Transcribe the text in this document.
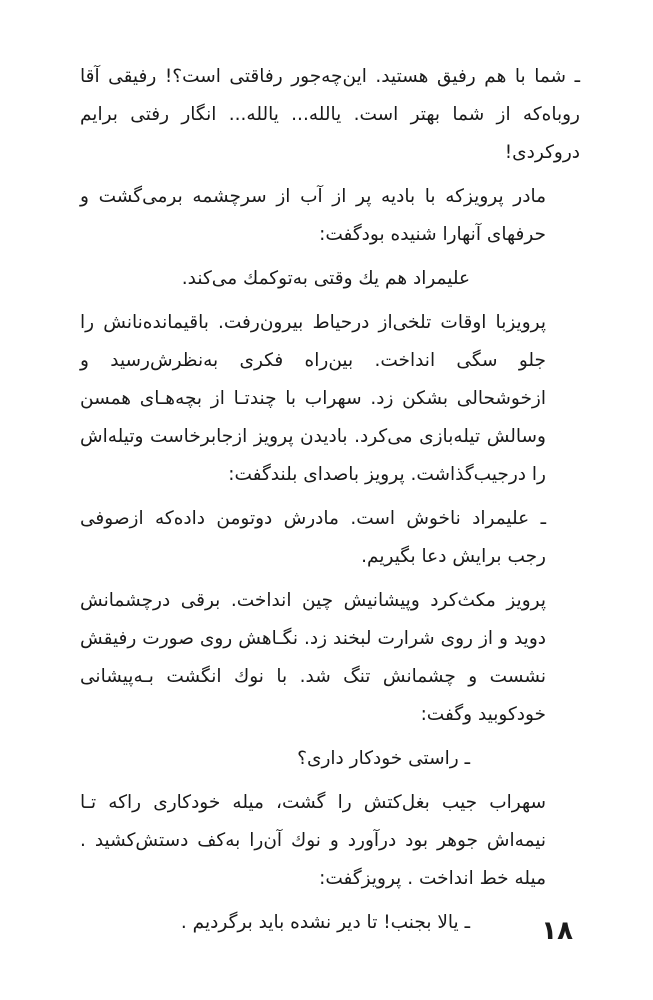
ـ شما با هم رفیق هستید. این‌چه‌جور رفاقتی است؟! رفیقی آقا روباه‌که از شما بهتر است. یالله... یالله... انگار رفتی برایم دروکردی!

مادر پرویزکه با بادیه پر از آب از سرچشمه برمی‌گشت و حرفهای آنهارا شنیده بودگفت:

علیمراد هم یك وقتی به‌توكمك می‌كند.

پرویزبا اوقات تلخی‌از درحیاط بیرون‌رفت. باقیمانده‌نانش را جلو سگی انداخت. بین‌راه فکری به‌نظرش‌رسید و ازخوشحالی بشکن زد. سهراب با چندتـا از بچه‌هـای همسن وسالش تیله‌بازی می‌کرد. بادیدن پرویز ازجابرخاست وتیله‌اش را درجیب‌گذاشت. پرویز باصدای بلندگفت:

ـ علیمراد ناخوش است. مادرش دوتومن داده‌که ازصوفی رجب برایش دعا بگیریم.

پرویز مکث‌کرد وپیشانیش چین انداخت. برقی درچشمانش دوید و از روی شرارت لبخند زد. نگـاهش روی صورت رفیقش نشست و چشمانش تنگ شد. با نوك انگشت بـه‌پیشانی خودکوبید وگفت:

ـ راستی خودکار داری؟

سهراب جیب بغل‌کتش را گشت، میله خودکاری راکه تـا نیمه‌اش جوهر بود درآورد و نوك آن‌را به‌کف دستش‌کشید . میله خط انداخت . پرویزگفت:

ـ یالا بجنب! تا دیر نشده باید برگردیم .	۱۸
